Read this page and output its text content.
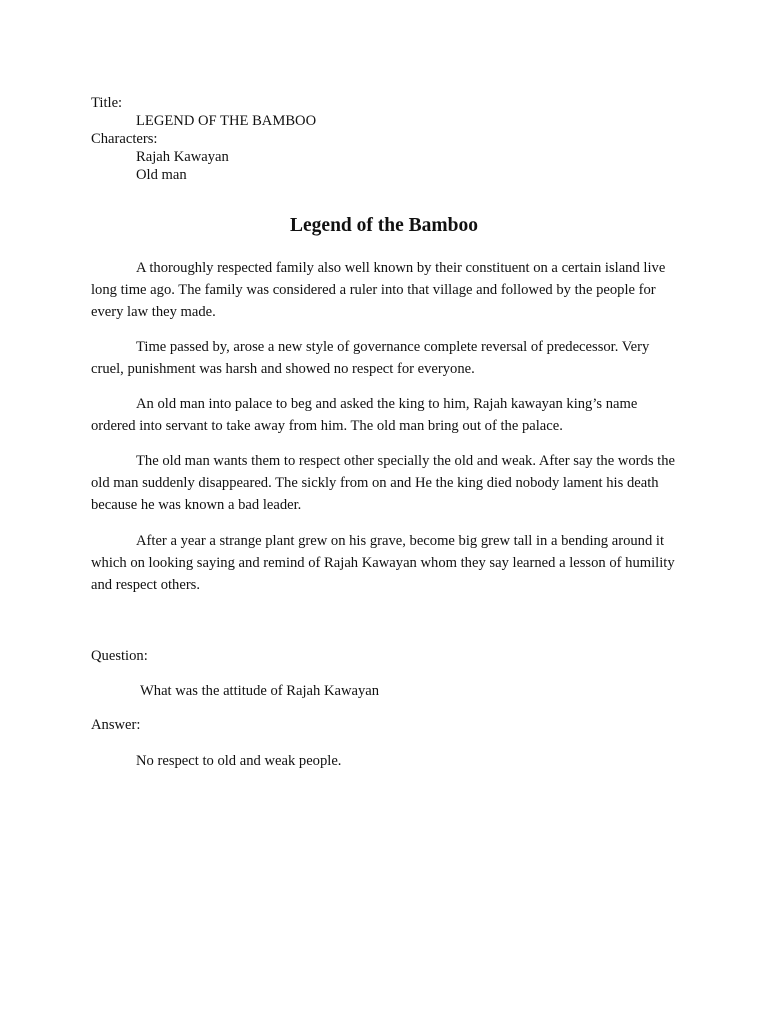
Title:
LEGEND OF THE BAMBOO
Characters:
Rajah Kawayan
Old man
Legend of the Bamboo
A thoroughly respected family also well known by their constituent on a certain island live long time ago. The family was considered a ruler into that village and followed by the people for every law they made.
Time passed by, arose a new style of governance complete reversal of predecessor. Very cruel, punishment was harsh and showed no respect for everyone.
An old man into palace to beg and asked the king to him, Rajah kawayan king’s name ordered into servant to take away from him. The old man bring out of the palace.
The old man wants them to respect other specially the old and weak. After say the words the old man suddenly disappeared. The sickly from on and He the king died nobody lament his death because he was known a bad leader.
After a year a strange plant grew on his grave, become big grew tall in a bending around it which on looking saying and remind of Rajah Kawayan whom they say learned a lesson of humility and respect others.
Question:
What was the attitude of Rajah Kawayan
Answer:
No respect to old and weak people.
